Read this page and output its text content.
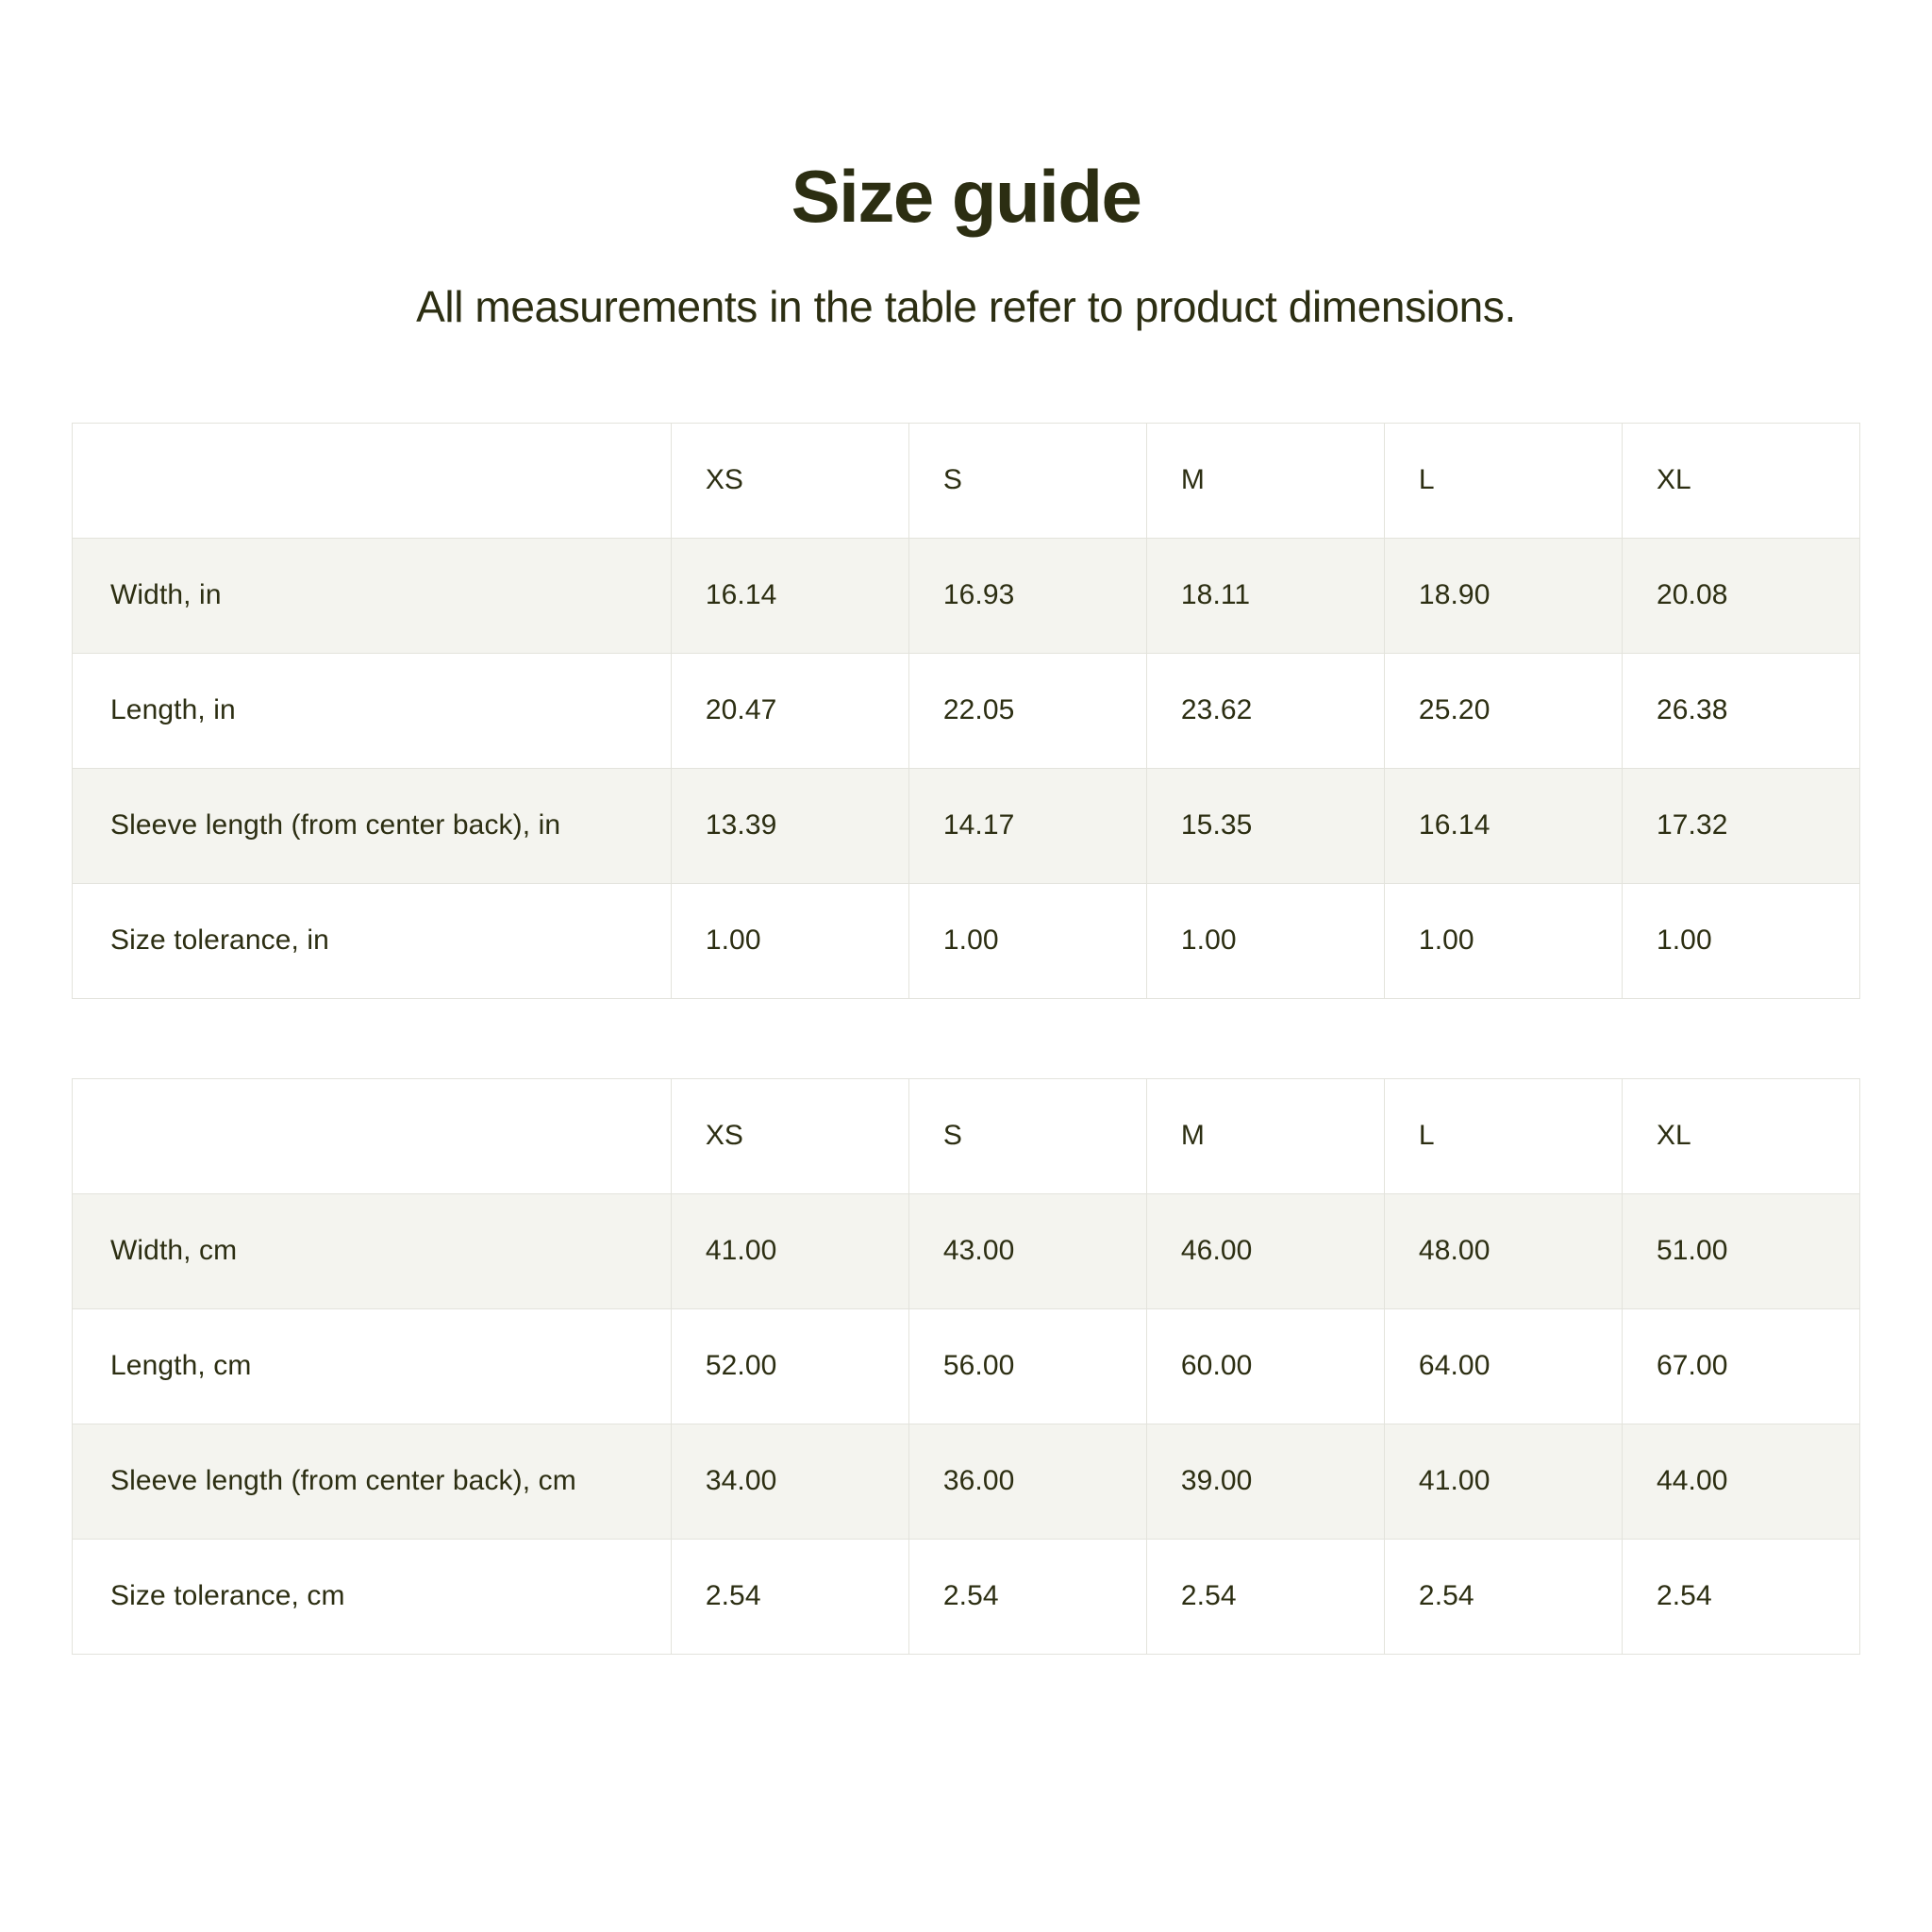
Size guide

All measurements in the table refer to product dimensions.

	XS	S	M	L	XL
Width, in	16.14	16.93	18.11	18.90	20.08
Length, in	20.47	22.05	23.62	25.20	26.38
Sleeve length (from center back), in	13.39	14.17	15.35	16.14	17.32
Size tolerance, in	1.00	1.00	1.00	1.00	1.00
	XS	S	M	L	XL
Width, cm	41.00	43.00	46.00	48.00	51.00
Length, cm	52.00	56.00	60.00	64.00	67.00
Sleeve length (from center back), cm	34.00	36.00	39.00	41.00	44.00
Size tolerance, cm	2.54	2.54	2.54	2.54	2.54
